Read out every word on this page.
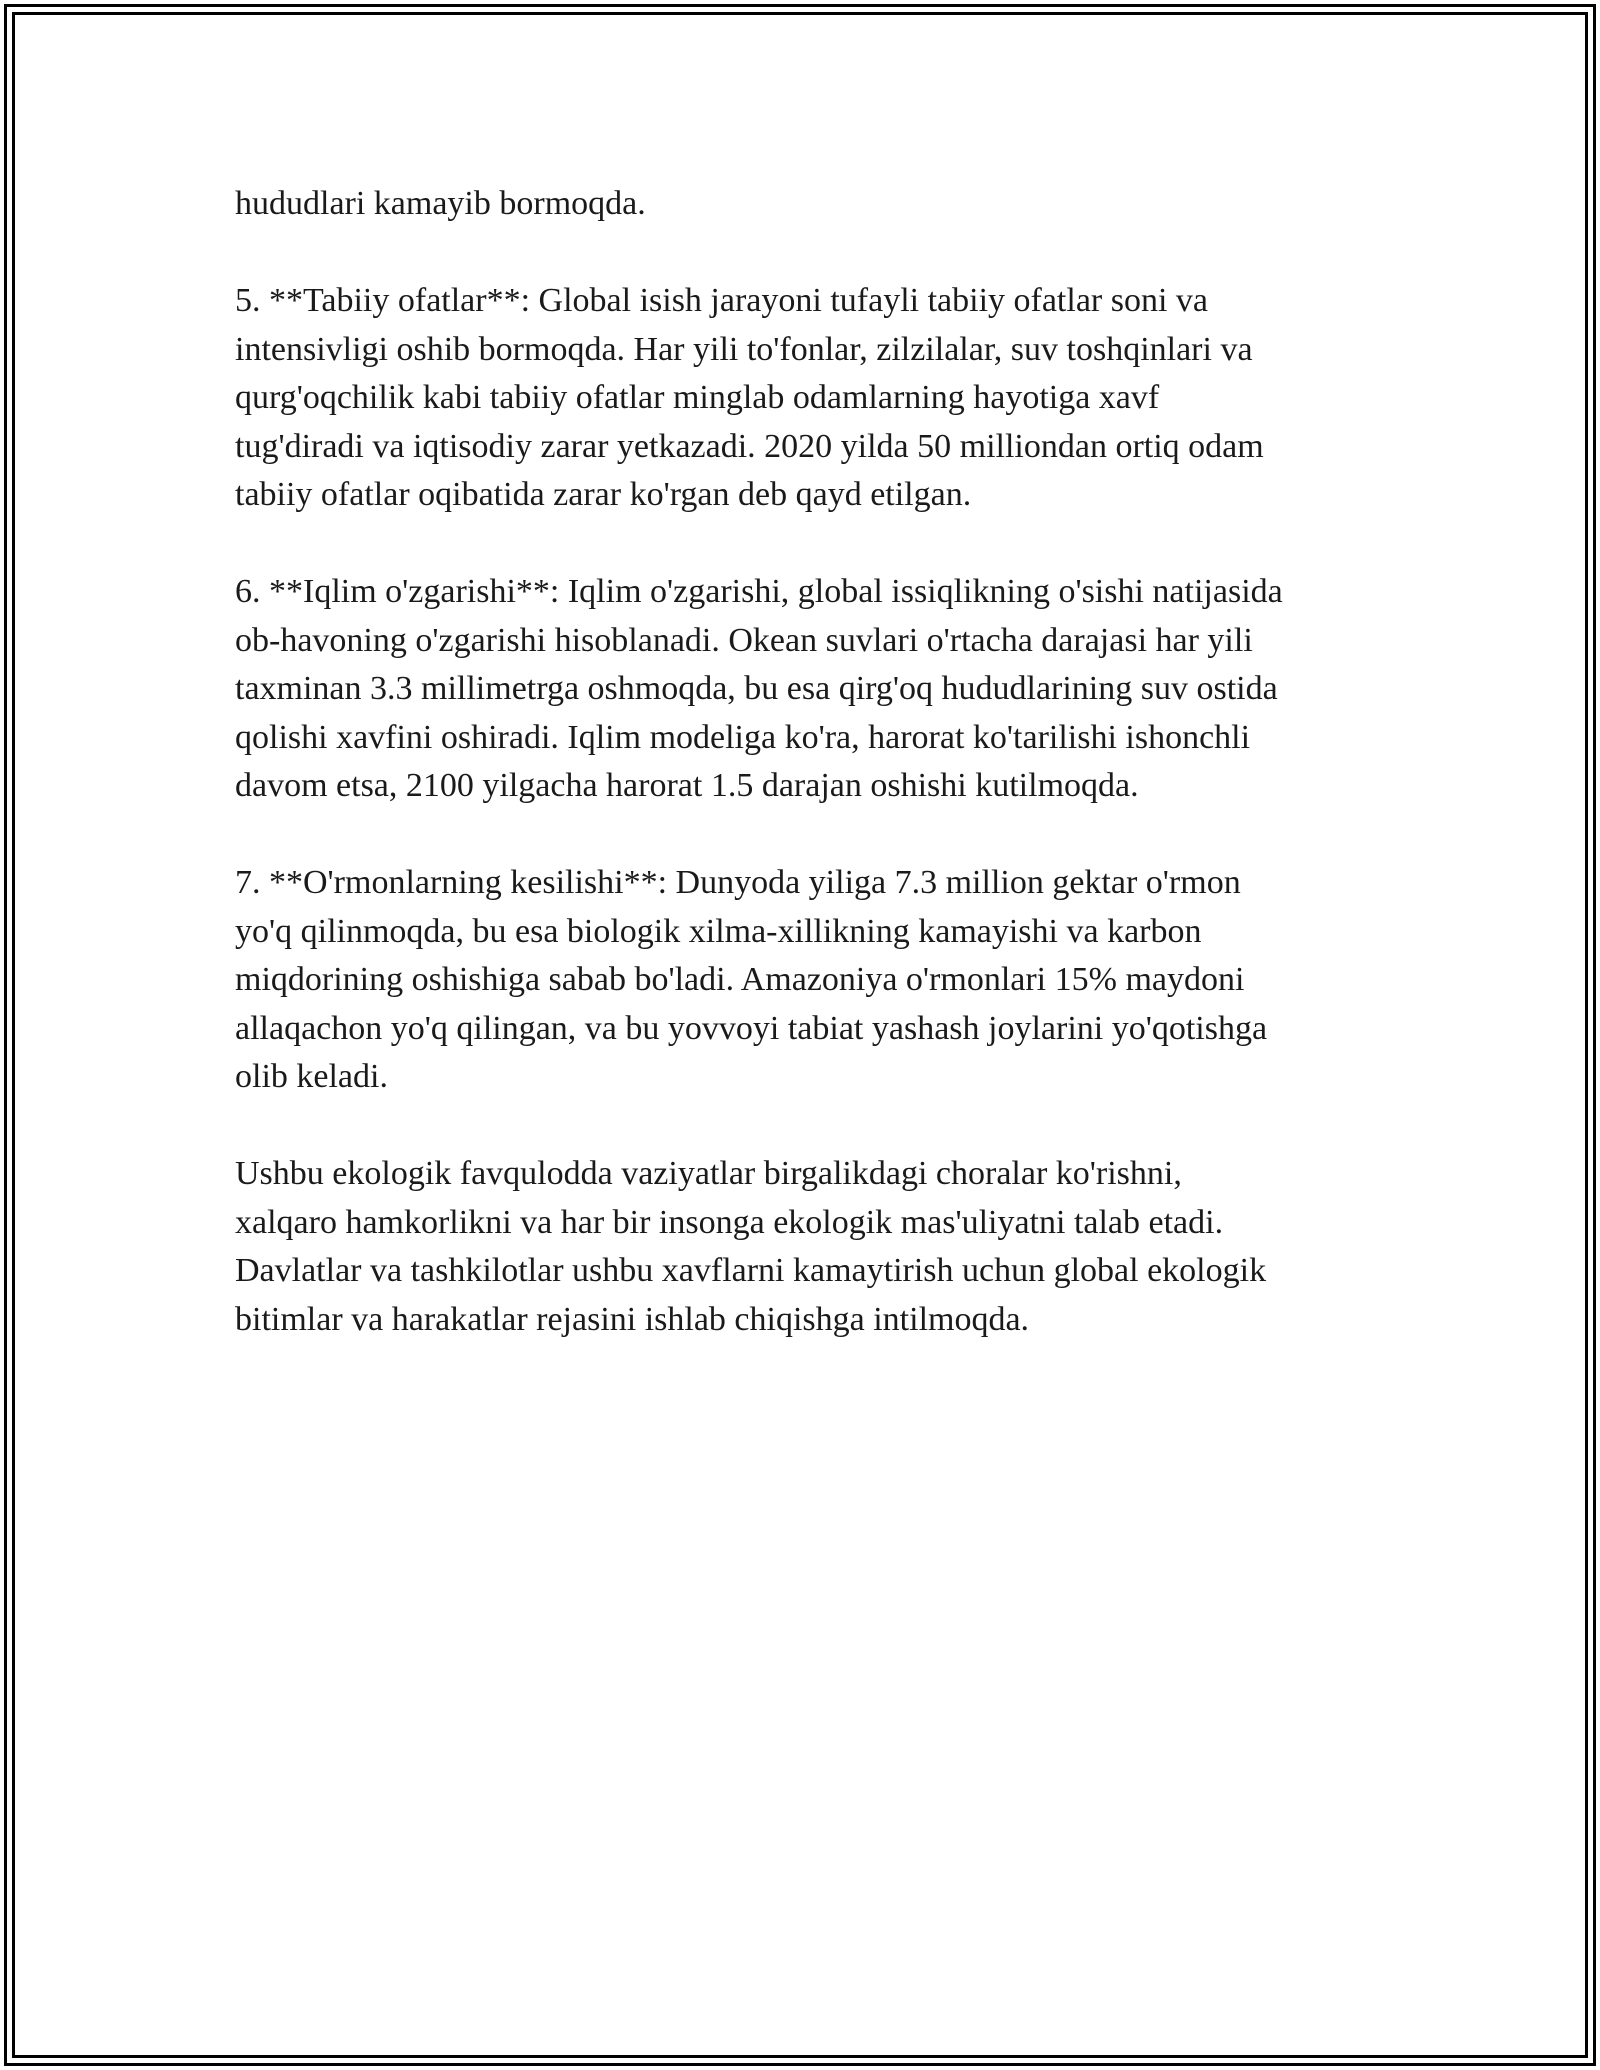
hududlari kamayib bormoqda.

5. **Tabiiy ofatlar**: Global isish jarayoni tufayli tabiiy ofatlar soni va
intensivligi oshib bormoqda. Har yili to'fonlar, zilzilalar, suv toshqinlari va
qurg'oqchilik kabi tabiiy ofatlar minglab odamlarning hayotiga xavf
tug'diradi va iqtisodiy zarar yetkazadi. 2020 yilda 50 milliondan ortiq odam
tabiiy ofatlar oqibatida zarar ko'rgan deb qayd etilgan.

6. **Iqlim o'zgarishi**: Iqlim o'zgarishi, global issiqlikning o'sishi natijasida
ob-havoning o'zgarishi hisoblanadi. Okean suvlari o'rtacha darajasi har yili
taxminan 3.3 millimetrga oshmoqda, bu esa qirg'oq hududlarining suv ostida
qolishi xavfini oshiradi. Iqlim modeliga ko'ra, harorat ko'tarilishi ishonchli
davom etsa, 2100 yilgacha harorat 1.5 darajan oshishi kutilmoqda.

7. **O'rmonlarning kesilishi**: Dunyoda yiliga 7.3 million gektar o'rmon
yo'q qilinmoqda, bu esa biologik xilma-xillikning kamayishi va karbon
miqdorining oshishiga sabab bo'ladi. Amazoniya o'rmonlari 15% maydoni
allaqachon yo'q qilingan, va bu yovvoyi tabiat yashash joylarini yo'qotishga
olib keladi.

Ushbu ekologik favqulodda vaziyatlar birgalikdagi choralar ko'rishni,
xalqaro hamkorlikni va har bir insonga ekologik mas'uliyatni talab etadi.
Davlatlar va tashkilotlar ushbu xavflarni kamaytirish uchun global ekologik
bitimlar va harakatlar rejasini ishlab chiqishga intilmoqda.
